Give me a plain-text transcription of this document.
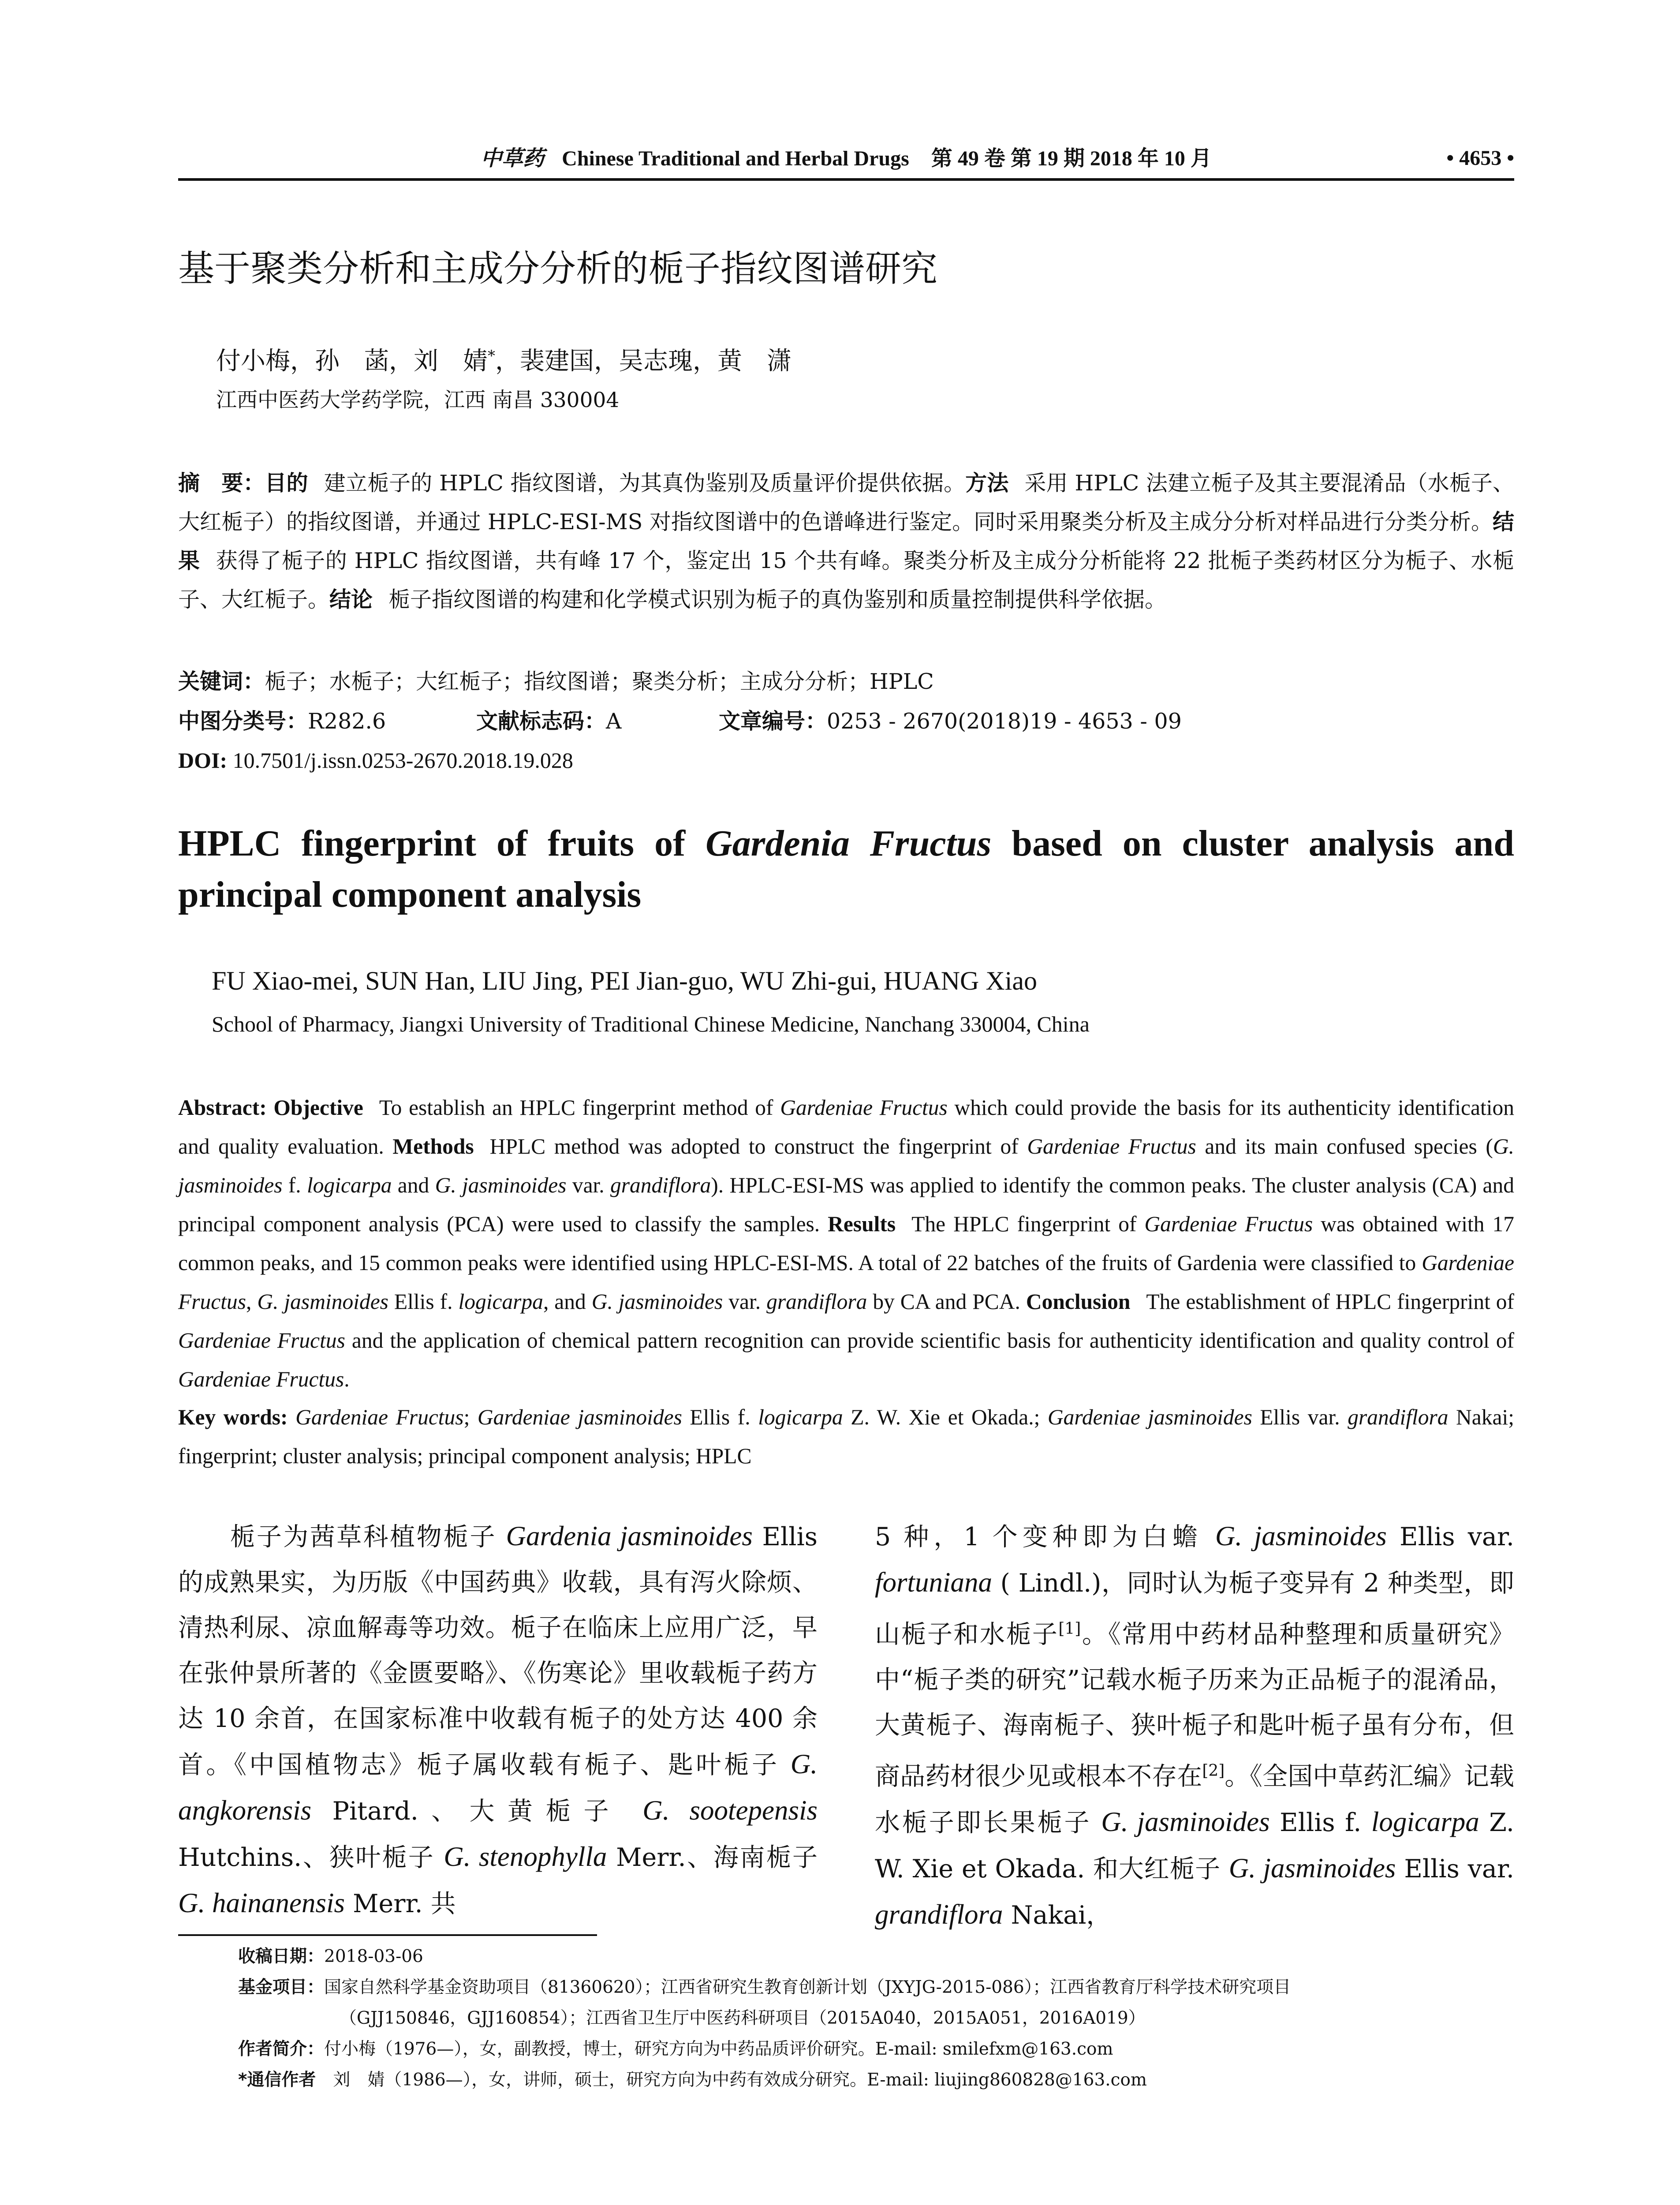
中草药 Chinese Traditional and Herbal Drugs 第 49 卷 第 19 期 2018 年 10 月	• 4653 •
基于聚类分析和主成分分析的栀子指纹图谱研究
付小梅，孙　菡，刘　婧*，裴建国，吴志瑰，黄　潇
江西中医药大学药学院，江西 南昌 330004
摘　要：目的 建立栀子的 HPLC 指纹图谱，为其真伪鉴别及质量评价提供依据。方法 采用 HPLC 法建立栀子及其主要混淆品（水栀子、大红栀子）的指纹图谱，并通过 HPLC-ESI-MS 对指纹图谱中的色谱峰进行鉴定。同时采用聚类分析及主成分分析对样品进行分类分析。结果 获得了栀子的 HPLC 指纹图谱，共有峰 17 个，鉴定出 15 个共有峰。聚类分析及主成分分析能将 22 批栀子类药材区分为栀子、水栀子、大红栀子。结论 栀子指纹图谱的构建和化学模式识别为栀子的真伪鉴别和质量控制提供科学依据。
关键词：栀子；水栀子；大红栀子；指纹图谱；聚类分析；主成分分析；HPLC
中图分类号：R282.6	文献标志码：A	文章编号：0253 - 2670(2018)19 - 4653 - 09
DOI: 10.7501/j.issn.0253-2670.2018.19.028
HPLC fingerprint of fruits of Gardenia Fructus based on cluster analysis and principal component analysis
FU Xiao-mei, SUN Han, LIU Jing, PEI Jian-guo, WU Zhi-gui, HUANG Xiao
School of Pharmacy, Jiangxi University of Traditional Chinese Medicine, Nanchang 330004, China
Abstract: Objective To establish an HPLC fingerprint method of Gardeniae Fructus which could provide the basis for its authenticity identification and quality evaluation. Methods HPLC method was adopted to construct the fingerprint of Gardeniae Fructus and its main confused species (G. jasminoides f. logicarpa and G. jasminoides var. grandiflora). HPLC-ESI-MS was applied to identify the common peaks. The cluster analysis (CA) and principal component analysis (PCA) were used to classify the samples. Results The HPLC fingerprint of Gardeniae Fructus was obtained with 17 common peaks, and 15 common peaks were identified using HPLC-ESI-MS. A total of 22 batches of the fruits of Gardenia were classified to Gardeniae Fructus, G. jasminoides Ellis f. logicarpa, and G. jasminoides var. grandiflora by CA and PCA. Conclusion The establishment of HPLC fingerprint of Gardeniae Fructus and the application of chemical pattern recognition can provide scientific basis for authenticity identification and quality control of Gardeniae Fructus.
Key words: Gardeniae Fructus; Gardeniae jasminoides Ellis f. logicarpa Z. W. Xie et Okada.; Gardeniae jasminoides Ellis var. grandiflora Nakai; fingerprint; cluster analysis; principal component analysis; HPLC
栀子为茜草科植物栀子 Gardenia jasminoides Ellis 的成熟果实，为历版《中国药典》收载，具有泻火除烦、清热利尿、凉血解毒等功效。栀子在临床上应用广泛，早在张仲景所著的《金匮要略》、《伤寒论》里收载栀子药方达 10 余首，在国家标准中收载有栀子的处方达 400 余首。《中国植物志》栀子属收载有栀子、匙叶栀子 G. angkorensis Pitard.、大黄栀子 G. sootepensis Hutchins.、狭叶栀子 G. stenophylla Merr.、海南栀子 G. hainanensis Merr. 共
5 种，1 个变种即为白蟾 G. jasminoides Ellis var. fortuniana ( Lindl.)，同时认为栀子变异有 2 种类型，即山栀子和水栀子[1]。《常用中药材品种整理和质量研究》中“栀子类的研究”记载水栀子历来为正品栀子的混淆品，大黄栀子、海南栀子、狭叶栀子和匙叶栀子虽有分布，但商品药材很少见或根本不存在[2]。《全国中草药汇编》记载水栀子即长果栀子 G. jasminoides Ellis f. logicarpa Z. W. Xie et Okada. 和大红栀子 G. jasminoides Ellis var. grandiflora Nakai，
收稿日期：2018-03-06
基金项目：国家自然科学基金资助项目（81360620）；江西省研究生教育创新计划（JXYJG-2015-086）；江西省教育厅科学技术研究项目
（GJJ150846，GJJ160854）；江西省卫生厅中医药科研项目（2015A040，2015A051，2016A019）
作者简介：付小梅（1976—），女，副教授，博士，研究方向为中药品质评价研究。E-mail: smilefxm@163.com
*通信作者　刘　婧（1986—），女，讲师，硕士，研究方向为中药有效成分研究。E-mail: liujing860828@163.com
